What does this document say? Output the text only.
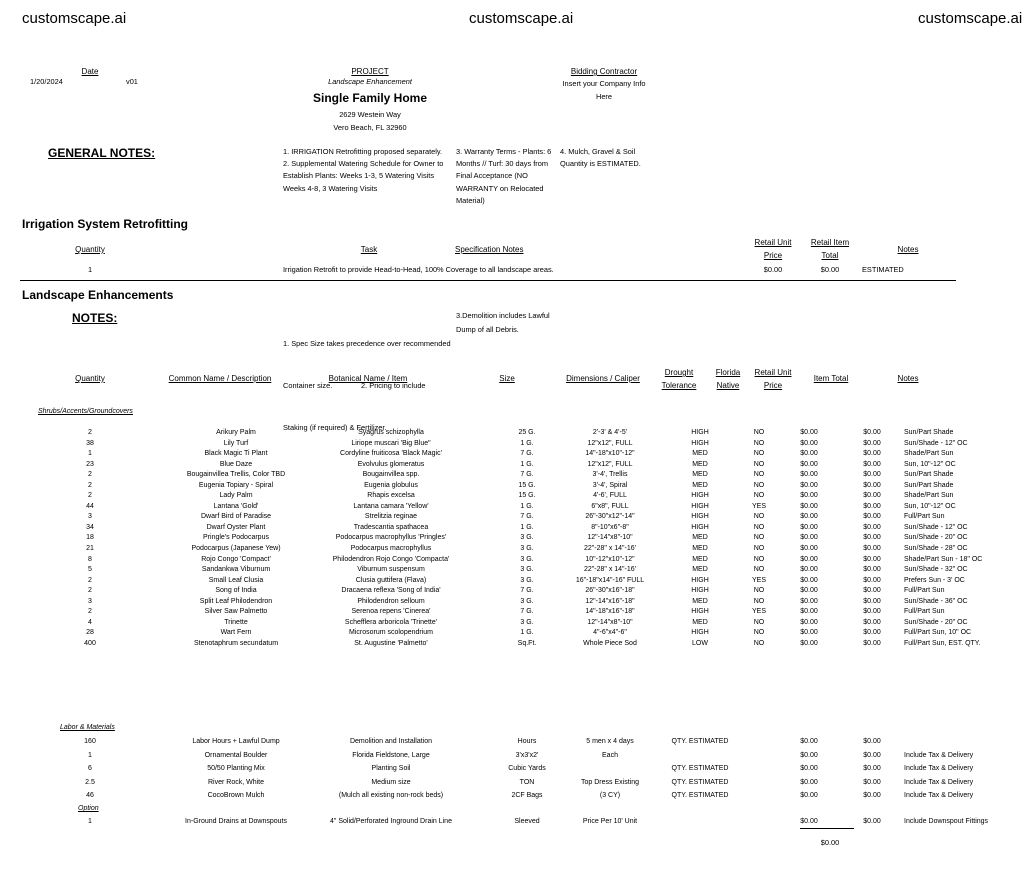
customscape.ai	customscape.ai	customscape.ai
Date
1/20/2024	v01
PROJECT
Landscape Enhancement
Single Family Home
2629 Westein Way
Vero Beach, FL 32960
Bidding Contractor
Insert your Company Info
Here
GENERAL NOTES:	1. IRRIGATION Retrofitting proposed separately.
2. Supplemental Watering Schedule for Owner to
Establish Plants: Weeks 1-3, 5 Watering Visits
Weeks 4-8, 3 Watering Visits
3. Warranty Terms - Plants: 6
Months // Turf: 30 days from
Final Acceptance (NO
WARRANTY on Relocated
Material)
4. Mulch, Gravel & Soil
Quantity is ESTIMATED.
Irrigation System Retrofitting
Quantity	Task	Specification Notes
Retail Unit
Price
Retail Item
Total
Notes
1	Irrigation Retrofit to provide Head-to-Head, 100% Coverage to all landscape areas.	$0.00	$0.00	ESTIMATED
Landscape Enhancements
NOTES:

1. Spec Size takes precedence over recommended

Container size.              2. Pricing to include

Staking (if required) & Fertilizer.

3.Demolition includes Lawful
Dump of all Debris.
Quantity	Common Name / Description	Botanical Name / Item	Size	Dimensions / Caliper
Drought
Tolerance
Florida
Native
Retail Unit
Price
Item Total	Notes
Shrubs/Accents/Groundcovers
2	Arikury Palm	Syagrus schizophylla	25 G.	2'-3' & 4'-5'	HIGH	NO	$0.00	$0.00	Sun/Part Shade
38	Lily Turf	Liriope muscari 'Big Blue"	1 G.	12"x12", FULL	HIGH	NO	$0.00	$0.00	Sun/Shade - 12" OC
1	Black Magic Ti Plant	Cordyline fruiticosa 'Black Magic'	7 G.	14"-18"x10"-12"	MED	NO	$0.00	$0.00	Shade/Part Sun
23	Blue Daze	Evolvulus glomeratus	1 G.	12"x12", FULL	MED	NO	$0.00	$0.00	Sun, 10"-12" OC
2	Bougainvillea Trellis, Color TBD	Bougainvillea spp.	7 G.	3'-4', Trellis	MED	NO	$0.00	$0.00	Sun/Part Shade
2	Eugenia Topiary - Spiral	Eugenia globulus	15 G.	3'-4', Spiral	MED	NO	$0.00	$0.00	Sun/Part Shade
2	Lady Palm	Rhapis excelsa	15 G.	4'-6', FULL	HIGH	NO	$0.00	$0.00	Shade/Part Sun
44	Lantana 'Gold'	Lantana camara 'Yellow'	1 G.	6"x8", FULL	HIGH	YES	$0.00	$0.00	Sun, 10"-12" OC
3	Dwarf Bird of Paradise	Strelitzia reginae	7 G.	26"-30"x12"-14"	HIGH	NO	$0.00	$0.00	Full/Part Sun
34	Dwarf Oyster Plant	Tradescantia spathacea	1 G.	8"-10"x6"-8"	HIGH	NO	$0.00	$0.00	Sun/Shade - 12" OC
18	Pringle's Podocarpus	Podocarpus macrophyllus 'Pringles'	3 G.	12"-14"x8"-10"	MED	NO	$0.00	$0.00	Sun/Shade - 20" OC
21	Podocarpus (Japanese Yew)	Podocarpus macrophyllus	3 G.	22"-28" x 14"-16'	MED	NO	$0.00	$0.00	Sun/Shade - 28" OC
8	Rojo Congo 'Compact'	Philodendron Rojo Congo 'Compacta'	3 G.	10"-12"x10"-12"	MED	NO	$0.00	$0.00	Shade/Part Sun - 18" OC
5	Sandankwa Viburnum	Viburnum suspensum	3 G.	22"-28" x 14"-16'	MED	NO	$0.00	$0.00	Sun/Shade - 32" OC
2	Small Leaf Clusia	Clusia guttifera (Flava)	3 G.	16"-18"x14"-16" FULL	HIGH	YES	$0.00	$0.00	Prefers Sun - 3' OC
2	Song of India	Dracaena reflexa 'Song of India'	7 G.	26"-30"x16"-18"	HIGH	NO	$0.00	$0.00	Full/Part Sun
3	Split Leaf Philodendron	Philodendron selloum	3 G.	12"-14"x16"-18"	MED	NO	$0.00	$0.00	Sun/Shade - 36" OC
2	Silver Saw Palmetto	Serenoa repens 'Cinerea'	7 G.	14"-18"x16"-18"	HIGH	YES	$0.00	$0.00	Full/Part Sun
4	Trinette	Schefflera arboricola 'Trinette'	3 G.	12"-14"x8"-10"	MED	NO	$0.00	$0.00	Sun/Shade - 20" OC
28	Wart Fern	Microsorum scolopendrium	1 G.	4"-6"x4"-6"	HIGH	NO	$0.00	$0.00	Full/Part Sun, 10" OC
400	Stenotaphrum secundatum	St. Augustine 'Palmetto'	Sq.Ft.	Whole Piece Sod	LOW	NO	$0.00	$0.00	Full/Part Sun, EST. QTY.
Labor & Materials
160	Labor Hours + Lawful Dump	Demolition and Installation	Hours	5 men x 4 days	QTY. ESTIMATED		$0.00	$0.00	
1	Ornamental Boulder	Florida Fieldstone, Large	3'x3'x2'	Each			$0.00	$0.00	Include Tax & Delivery
6	50/50 Planting Mix	Planting Soil	Cubic Yards		QTY. ESTIMATED		$0.00	$0.00	Include Tax & Delivery
2.5	River Rock, White	Medium size	TON	Top Dress Existing	QTY. ESTIMATED		$0.00	$0.00	Include Tax & Delivery
46	CocoBrown Mulch	(Mulch all existing non-rock beds)	2CF Bags	(3 CY)	QTY. ESTIMATED		$0.00	$0.00	Include Tax & Delivery
Option
1	In-Ground Drains at Downspouts	4" Solid/Perforated Inground Drain Line	Sleeved	Price Per 10' Unit			$0.00	$0.00	Include Downspout Fittings
$0.00
